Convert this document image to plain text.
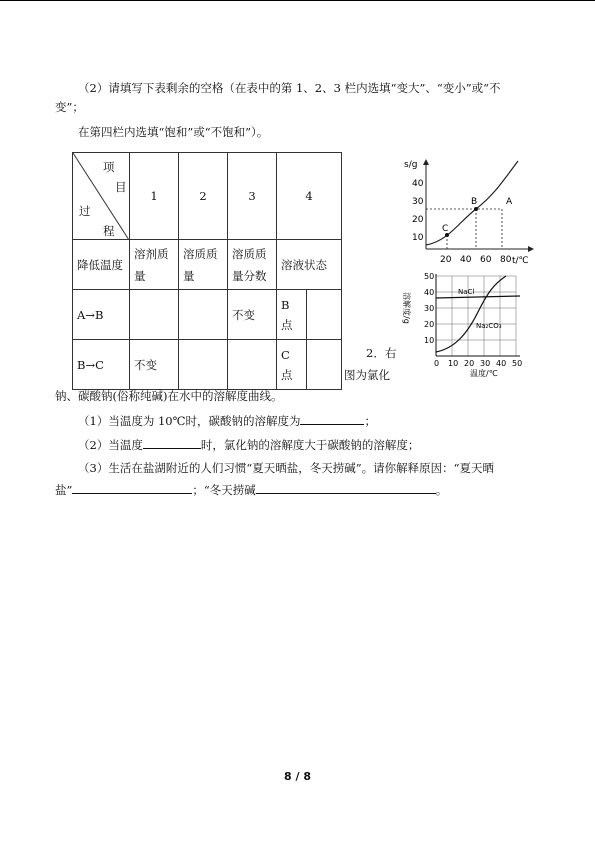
（2）请填写下表剩余的空格（在表中的第 1、2、3 栏内选填“变大”、“变小”或“不
变”；
在第四栏内选填“饱和”或“不饱和”）。
项
目
过
程	1	2	3	4	
降低温度	溶剂质量	溶质质量	溶质质量分数	溶液状态	
A→B			不变	B 点	
B→C	不变			C 点	
s/g
t/℃
10
20
30
40
20 40 60 80
C
B	A
溶解度/g
10
20
30
40
50
0 10 20 30 40 50
温度/℃
NaCl
Na₂CO₃
2．右
图为氯化
钠、碳酸钠(俗称纯碱)在水中的溶解度曲线。
（1）当温度为 10℃时，碳酸钠的溶解度为	；
（2）当温度	时，氯化钠的溶解度大于碳酸钠的溶解度；
（3）生活在盐湖附近的人们习惯“夏天晒盐，冬天捞碱”。请你解释原因：“夏天晒
盐”	；“冬天捞碱	。
8 / 8
